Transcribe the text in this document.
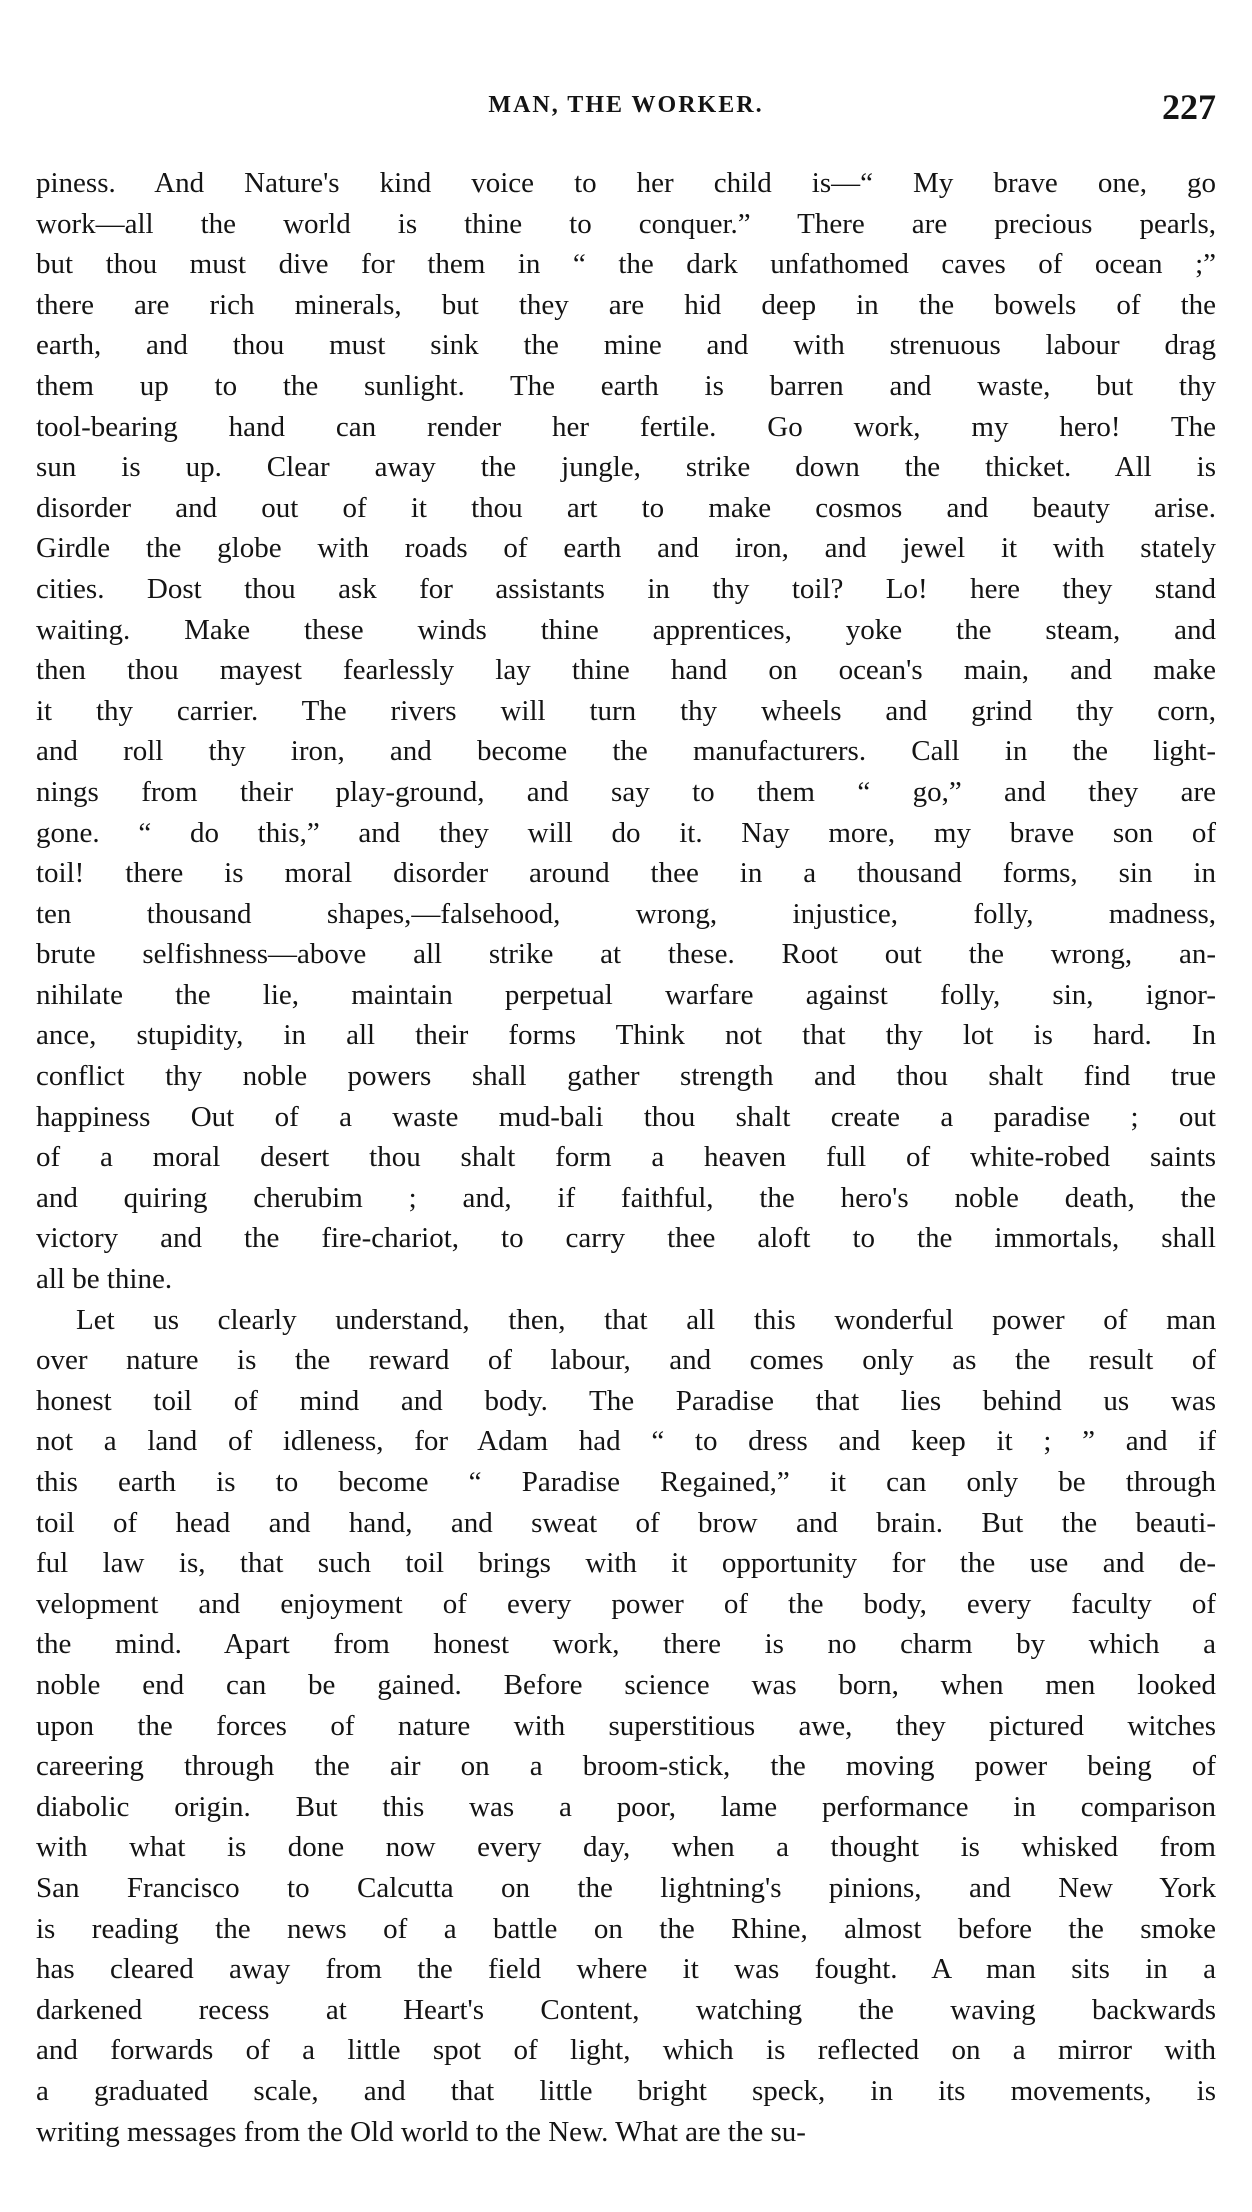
MAN, THE WORKER.	227
piness. And Nature's kind voice to her child is—“ My brave one, go
work—all the world is thine to conquer.” There are precious pearls,
but thou must dive for them in “ the dark unfathomed caves of ocean ;”
there are rich minerals, but they are hid deep in the bowels of the
earth, and thou must sink the mine and with strenuous labour drag
them up to the sunlight. The earth is barren and waste, but thy
tool-bearing hand can render her fertile. Go work, my hero! The
sun is up. Clear away the jungle, strike down the thicket. All is
disorder and out of it thou art to make cosmos and beauty arise.
Girdle the globe with roads of earth and iron, and jewel it with stately
cities. Dost thou ask for assistants in thy toil? Lo! here they stand
waiting. Make these winds thine apprentices, yoke the steam, and
then thou mayest fearlessly lay thine hand on ocean's main, and make
it thy carrier. The rivers will turn thy wheels and grind thy corn,
and roll thy iron, and become the manufacturers. Call in the light-
nings from their play-ground, and say to them “ go,” and they are
gone. “ do this,” and they will do it. Nay more, my brave son of
toil! there is moral disorder around thee in a thousand forms, sin in
ten thousand shapes,—falsehood, wrong, injustice, folly, madness,
brute selfishness—above all strike at these. Root out the wrong, an-
nihilate the lie, maintain perpetual warfare against folly, sin, ignor-
ance, stupidity, in all their forms Think not that thy lot is hard. In
conflict thy noble powers shall gather strength and thou shalt find true
happiness Out of a waste mud-bali thou shalt create a paradise ; out
of a moral desert thou shalt form a heaven full of white-robed saints
and quiring cherubim ; and, if faithful, the hero's noble death, the
victory and the fire-chariot, to carry thee aloft to the immortals, shall
all be thine.
Let us clearly understand, then, that all this wonderful power of man
over nature is the reward of labour, and comes only as the result of
honest toil of mind and body. The Paradise that lies behind us was
not a land of idleness, for Adam had “ to dress and keep it ; ” and if
this earth is to become “ Paradise Regained,” it can only be through
toil of head and hand, and sweat of brow and brain. But the beauti-
ful law is, that such toil brings with it opportunity for the use and de-
velopment and enjoyment of every power of the body, every faculty of
the mind. Apart from honest work, there is no charm by which a
noble end can be gained. Before science was born, when men looked
upon the forces of nature with superstitious awe, they pictured witches
careering through the air on a broom-stick, the moving power being of
diabolic origin. But this was a poor, lame performance in comparison
with what is done now every day, when a thought is whisked from
San Francisco to Calcutta on the lightning's pinions, and New York
is reading the news of a battle on the Rhine, almost before the smoke
has cleared away from the field where it was fought. A man sits in a
darkened recess at Heart's Content, watching the waving backwards
and forwards of a little spot of light, which is reflected on a mirror with
a graduated scale, and that little bright speck, in its movements, is
writing messages from the Old world to the New. What are the su-
